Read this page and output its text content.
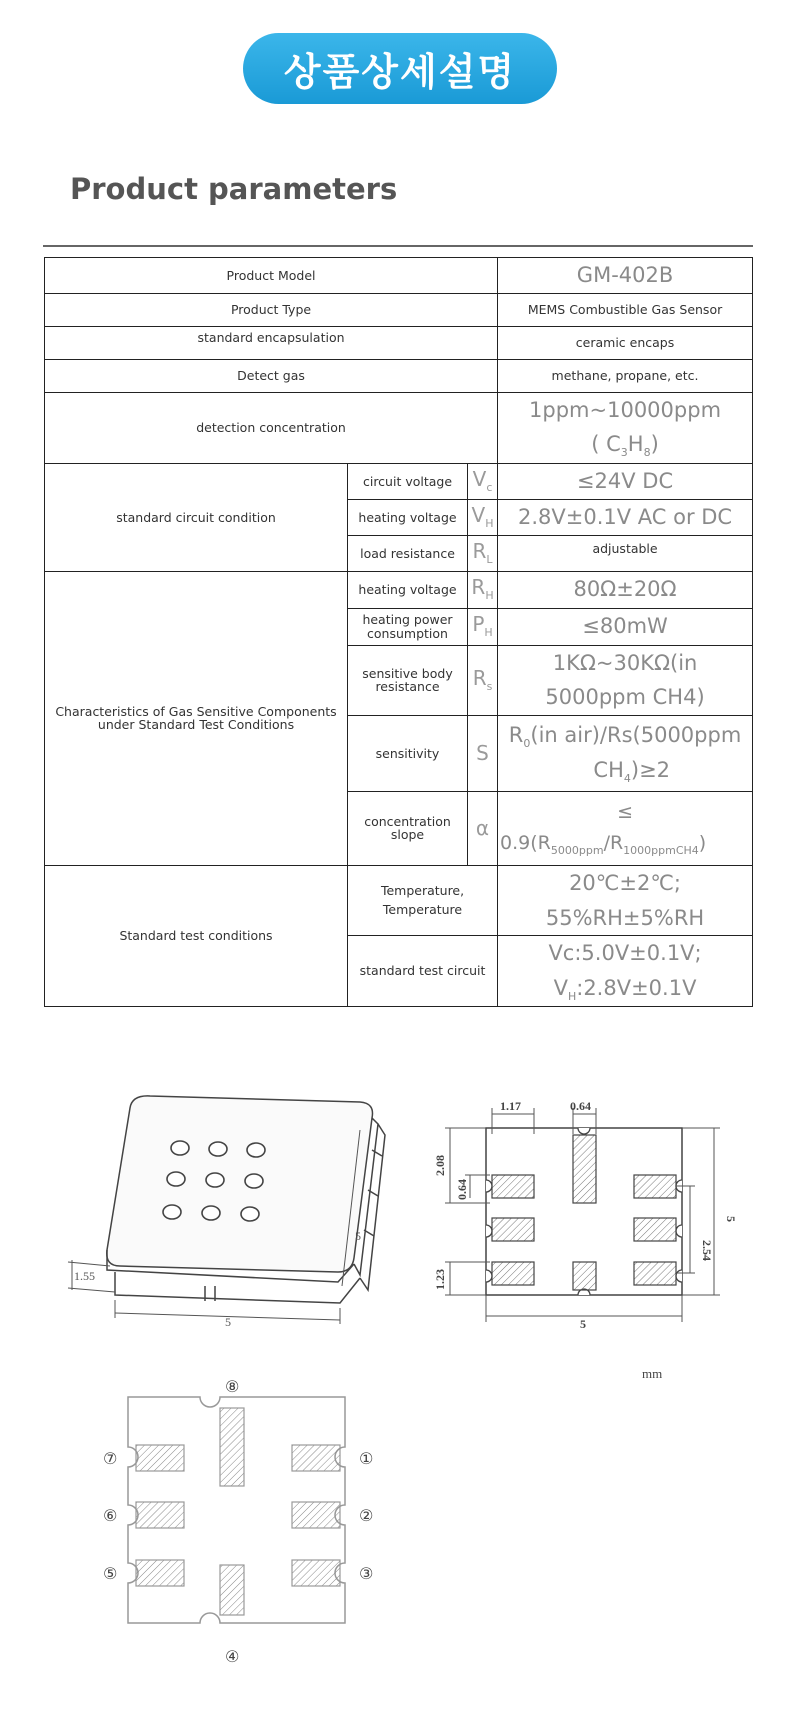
상품상세설명
Product parameters
Product Model			GM-402B
Product Type			MEMS Combustible Gas Sensor
standard encapsulation			ceramic encaps
Detect gas			methane, propane, etc.
detection concentration			1ppm~10000ppm
( $C_3H_8$)

standard circuit condition	circuit voltage	$V_c$	≤24V DC
	heating voltage	$V_H$	2.8V±0.1V AC or DC
	load resistance	$R_L$	adjustable
Characteristics of Gas Sensitive Components under Standard Test Conditions	heating voltage	$R_H$	80Ω±20Ω
	heating power consumption	$P_H$	≤80mW
	sensitive body resistance	$R_s$	1KΩ~30KΩ(in
5000ppm CH4)

	sensitivity	S	$R_0(in$ air)/Rs(5000ppm
$CH_4)\ge 2$

	concentration slope	α	≤
$0.9(R_{5000ppm}/R_{1000ppmCH4})$

Standard test conditions	Temperature, Temperature		20℃±2℃;
55%RH±5%RH

	standard test circuit		Vc:5.0V±0.1V;
$V_H:2.8V\pm 0.1V$
1.55
5
5
1.17	0.64
2.08
0.64
1.23
2.54
5
5
mm
①
②
③
④
⑤
⑥
⑦
⑧
